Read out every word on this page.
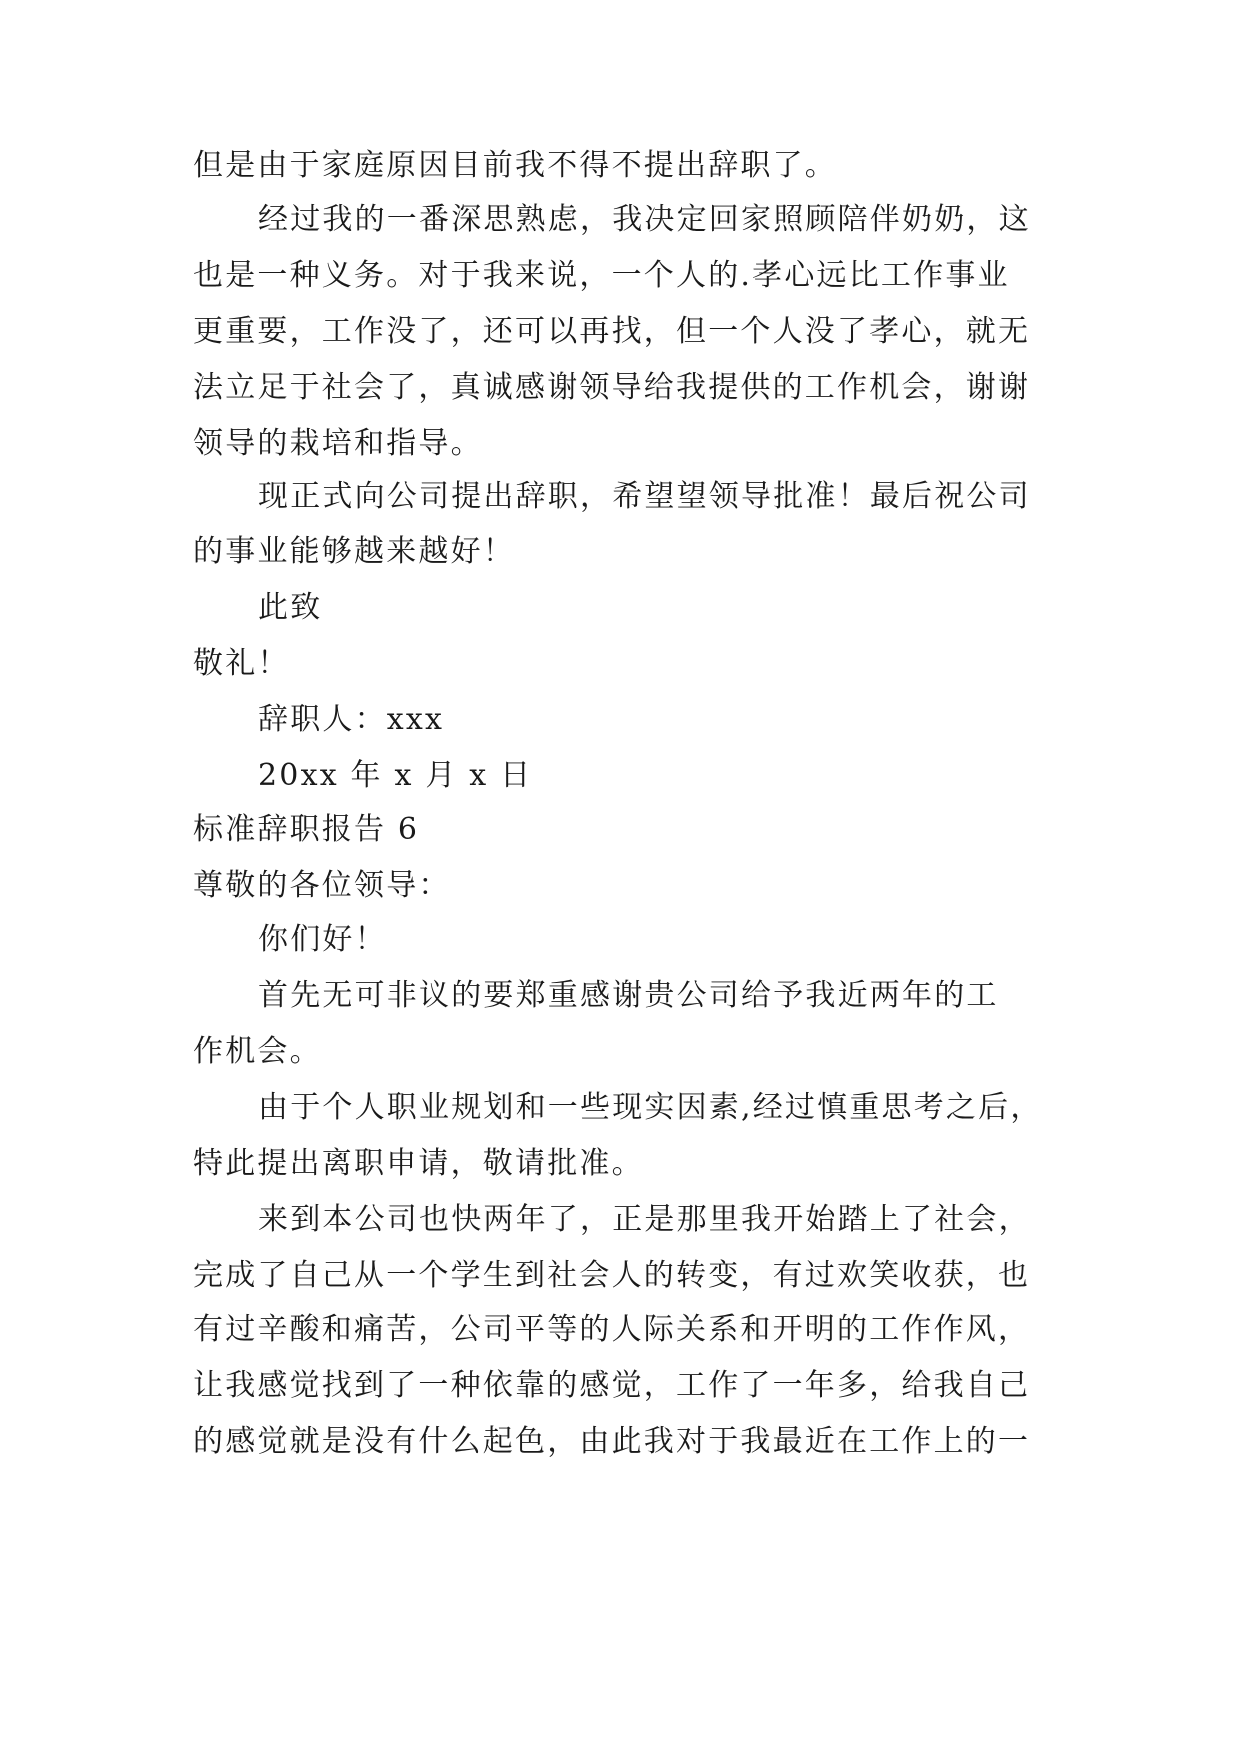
但是由于家庭原因目前我不得不提出辞职了。
经过我的一番深思熟虑，我决定回家照顾陪伴奶奶，这
也是一种义务。对于我来说，一个人的.孝心远比工作事业
更重要，工作没了，还可以再找，但一个人没了孝心，就无
法立足于社会了，真诚感谢领导给我提供的工作机会，谢谢
领导的栽培和指导。
现正式向公司提出辞职，希望望领导批准！最后祝公司
的事业能够越来越好！
此致
敬礼！
辞职人：xxx
20xx 年 x 月 x 日
标准辞职报告 6
尊敬的各位领导：
你们好！
首先无可非议的要郑重感谢贵公司给予我近两年的工
作机会。
由于个人职业规划和一些现实因素,经过慎重思考之后，
特此提出离职申请，敬请批准。
来到本公司也快两年了，正是那里我开始踏上了社会，
完成了自己从一个学生到社会人的转变，有过欢笑收获，也
有过辛酸和痛苦，公司平等的人际关系和开明的工作作风，
让我感觉找到了一种依靠的感觉，工作了一年多，给我自己
的感觉就是没有什么起色，由此我对于我最近在工作上的一
